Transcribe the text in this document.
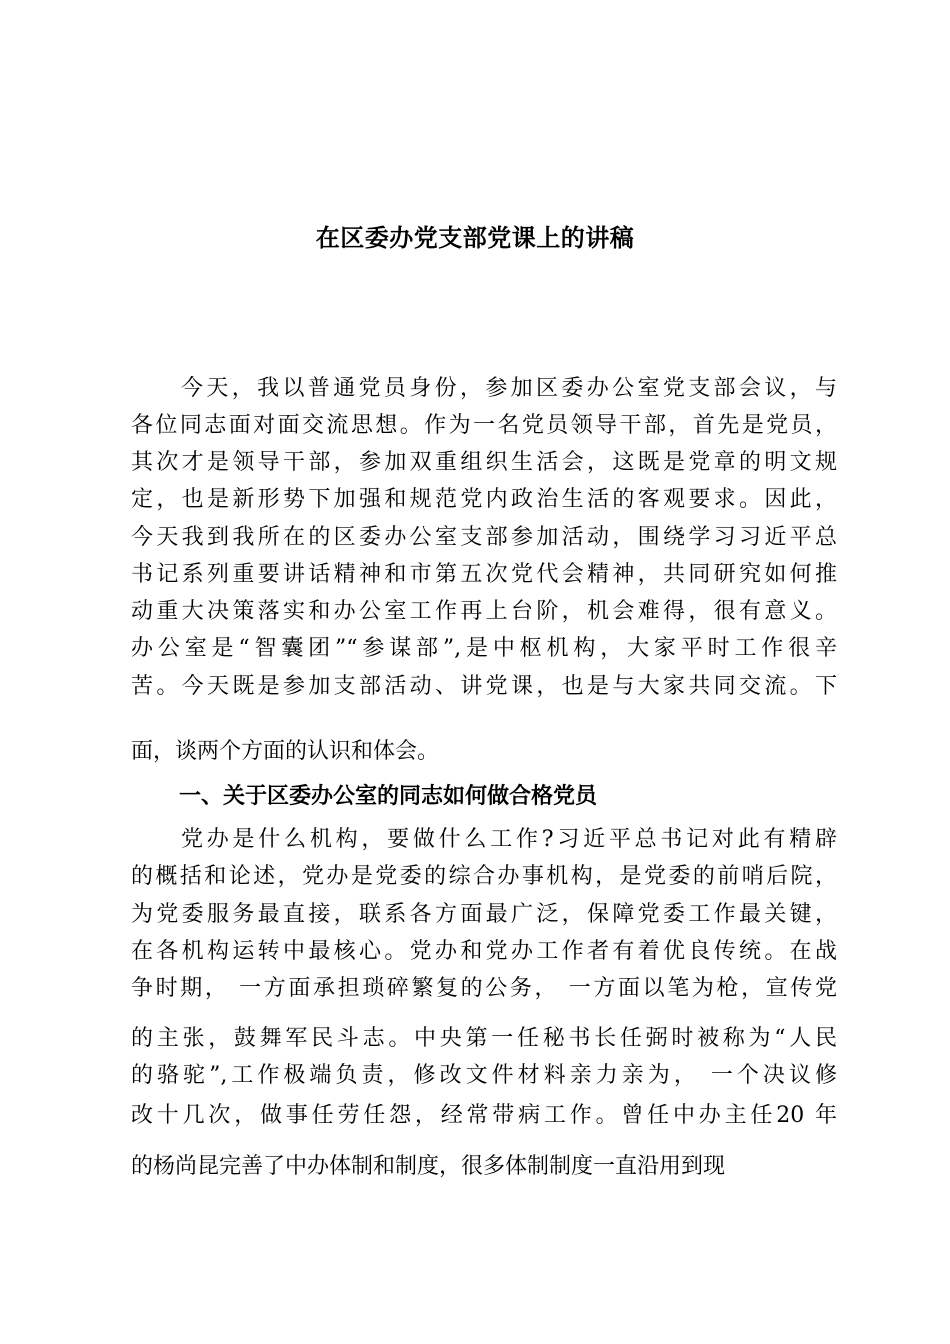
在区委办党支部党课上的讲稿
今天，我以普通党员身份，参加区委办公室党支部会议，与
各位同志面对面交流思想。作为一名党员领导干部，首先是党员，
其次才是领导干部，参加双重组织生活会，这既是党章的明文规
定，也是新形势下加强和规范党内政治生活的客观要求。因此，
今天我到我所在的区委办公室支部参加活动，围绕学习习近平总
书记系列重要讲话精神和市第五次党代会精神，共同研究如何推
动重大决策落实和办公室工作再上台阶，机会难得，很有意义。
办公室是“智囊团”“参谋部”,是中枢机构，大家平时工作很辛
苦。今天既是参加支部活动、讲党课，也是与大家共同交流。下
面，谈两个方面的认识和体会。
一、关于区委办公室的同志如何做合格党员
党办是什么机构，要做什么工作?习近平总书记对此有精辟
的概括和论述，党办是党委的综合办事机构，是党委的前哨后院，
为党委服务最直接，联系各方面最广泛，保障党委工作最关键，
在各机构运转中最核心。党办和党办工作者有着优良传统。在战
争时期， 一方面承担琐碎繁复的公务， 一方面以笔为枪，宣传党
的主张，鼓舞军民斗志。中央第一任秘书长任弼时被称为“人民
的骆驼”,工作极端负责，修改文件材料亲力亲为， 一个决议修
改十几次，做事任劳任怨，经常带病工作。曾任中办主任20 年
的杨尚昆完善了中办体制和制度，很多体制制度一直沿用到现
